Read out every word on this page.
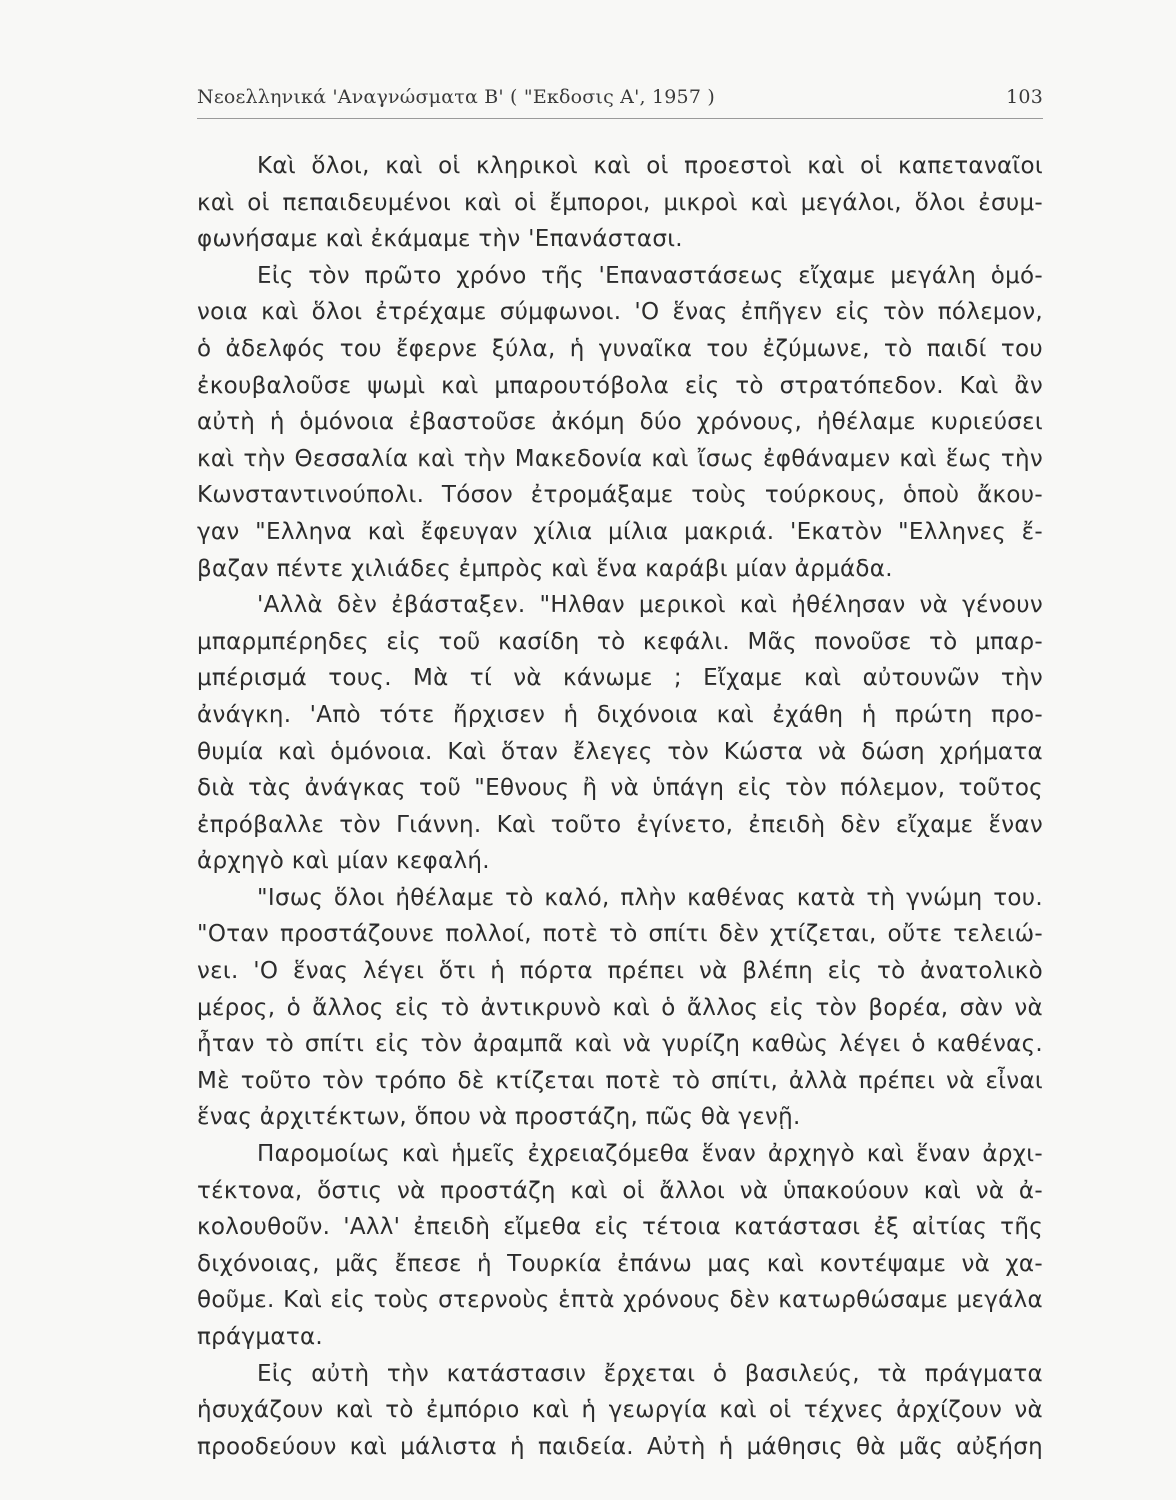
Νεοελληνικά 'Αναγνώσματα Β' ( "Εκδοσις Α', 1957 )	103
Καὶ ὅλοι, καὶ οἱ κληρικοὶ καὶ οἱ προεστοὶ καὶ οἱ καπεταναῖοι
καὶ οἱ πεπαιδευμένοι καὶ οἱ ἔμποροι, μικροὶ καὶ μεγάλοι, ὅλοι ἐσυμ-
φωνήσαμε καὶ ἐκάμαμε τὴν 'Επανάστασι.
Εἰς τὸν πρῶτο χρόνο τῆς 'Επαναστάσεως εἴχαμε μεγάλη ὁμό-
νοια καὶ ὅλοι ἐτρέχαμε σύμφωνοι. 'Ο ἕνας ἐπῆγεν εἰς τὸν πόλεμον,
ὁ ἀδελφός του ἔφερνε ξύλα, ἡ γυναῖκα του ἐζύμωνε, τὸ παιδί του
ἐκουβαλοῦσε ψωμὶ καὶ μπαρουτόβολα εἰς τὸ στρατόπεδον. Καὶ ἂν
αὐτὴ ἡ ὁμόνοια ἐβαστοῦσε ἀκόμη δύο χρόνους, ἠθέλαμε κυριεύσει
καὶ τὴν Θεσσαλία καὶ τὴν Μακεδονία καὶ ἴσως ἐφθάναμεν καὶ ἕως τὴν
Κωνσταντινούπολι. Τόσον ἐτρομάξαμε τοὺς τούρκους, ὁποὺ ἄκου-
γαν "Ελληνα καὶ ἔφευγαν χίλια μίλια μακριά. 'Εκατὸν "Ελληνες ἔ-
βαζαν πέντε χιλιάδες ἐμπρὸς καὶ ἕνα καράβι μίαν ἀρμάδα.
'Αλλὰ δὲν ἐβάσταξεν. "Ηλθαν μερικοὶ καὶ ἠθέλησαν νὰ γένουν
μπαρμπέρηδες εἰς τοῦ κασίδη τὸ κεφάλι. Μᾶς πονοῦσε τὸ μπαρ-
μπέρισμά τους. Μὰ τί νὰ κάνωμε ; Εἴχαμε καὶ αὐτουνῶν τὴν
ἀνάγκη. 'Απὸ τότε ἤρχισεν ἡ διχόνοια καὶ ἐχάθη ἡ πρώτη προ-
θυμία καὶ ὁμόνοια. Καὶ ὅταν ἔλεγες τὸν Κώστα νὰ δώση χρήματα
διὰ τὰς ἀνάγκας τοῦ "Εθνους ἢ νὰ ὑπάγη εἰς τὸν πόλεμον, τοῦτος
ἐπρόβαλλε τὸν Γιάννη. Καὶ τοῦτο ἐγίνετο, ἐπειδὴ δὲν εἴχαμε ἕναν
ἀρχηγὸ καὶ μίαν κεφαλή.
"Ισως ὅλοι ἠθέλαμε τὸ καλό, πλὴν καθένας κατὰ τὴ γνώμη του.
"Οταν προστάζουνε πολλοί, ποτὲ τὸ σπίτι δὲν χτίζεται, οὔτε τελειώ-
νει. 'Ο ἕνας λέγει ὅτι ἡ πόρτα πρέπει νὰ βλέπη εἰς τὸ ἀνατολικὸ
μέρος, ὁ ἄλλος εἰς τὸ ἀντικρυνὸ καὶ ὁ ἄλλος εἰς τὸν βορέα, σὰν νὰ
ἦταν τὸ σπίτι εἰς τὸν ἀραμπᾶ καὶ νὰ γυρίζη καθὼς λέγει ὁ καθένας.
Μὲ τοῦτο τὸν τρόπο δὲ κτίζεται ποτὲ τὸ σπίτι, ἀλλὰ πρέπει νὰ εἶναι
ἕνας ἀρχιτέκτων, ὅπου νὰ προστάζη, πῶς θὰ γενῇ.
Παρομοίως καὶ ἡμεῖς ἐχρειαζόμεθα ἕναν ἀρχηγὸ καὶ ἕναν ἀρχι-
τέκτονα, ὅστις νὰ προστάζη καὶ οἱ ἄλλοι νὰ ὑπακούουν καὶ νὰ ἀ-
κολουθοῦν. 'Αλλ' ἐπειδὴ εἴμεθα εἰς τέτοια κατάστασι ἐξ αἰτίας τῆς
διχόνοιας, μᾶς ἔπεσε ἡ Τουρκία ἐπάνω μας καὶ κοντέψαμε νὰ χα-
θοῦμε. Καὶ εἰς τοὺς στερνοὺς ἑπτὰ χρόνους δὲν κατωρθώσαμε μεγάλα
πράγματα.
Εἰς αὐτὴ τὴν κατάστασιν ἔρχεται ὁ βασιλεύς, τὰ πράγματα
ἡσυχάζουν καὶ τὸ ἐμπόριο καὶ ἡ γεωργία καὶ οἱ τέχνες ἀρχίζουν νὰ
προοδεύουν καὶ μάλιστα ἡ παιδεία. Αὐτὴ ἡ μάθησις θὰ μᾶς αὐξήση
